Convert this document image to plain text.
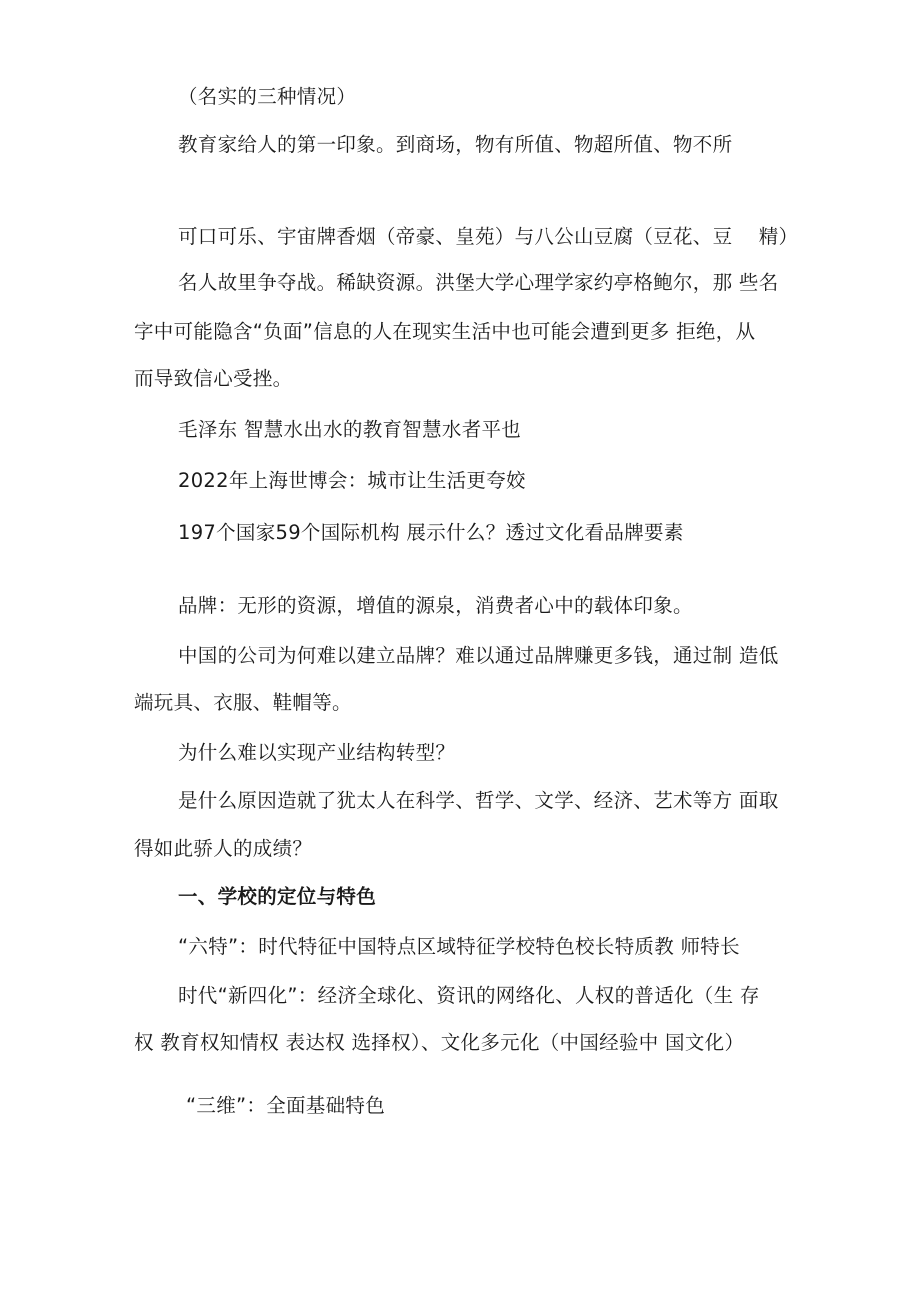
（名实的三种情况）
教育家给人的第一印象。到商场，物有所值、物超所值、物不所
可口可乐、宇宙牌香烟（帝豪、皇苑）与八公山豆腐（豆花、豆　 精）
名人故里争夺战。稀缺资源。洪堡大学心理学家约亭格鲍尔，那 些名
字中可能隐含“负面”信息的人在现实生活中也可能会遭到更多 拒绝，从
而导致信心受挫。
毛泽东 智慧水出水的教育智慧水者平也
2022年上海世博会：城市让生活更夸姣
197个国家59个国际机构 展示什么？透过文化看品牌要素
品牌：无形的资源，增值的源泉，消费者心中的载体印象。
中国的公司为何难以建立品牌？难以通过品牌赚更多钱，通过制 造低
端玩具、衣服、鞋帽等。
为什么难以实现产业结构转型？
是什么原因造就了犹太人在科学、哲学、文学、经济、艺术等方 面取
得如此骄人的成绩？
一、学校的定位与特色
“六特”：时代特征中国特点区域特征学校特色校长特质教 师特长
时代“新四化”：经济全球化、资讯的网络化、人权的普适化（生 存
权 教育权知情权 表达权 选择权）、文化多元化（中国经验中 国文化）
“三维”：全面基础特色
